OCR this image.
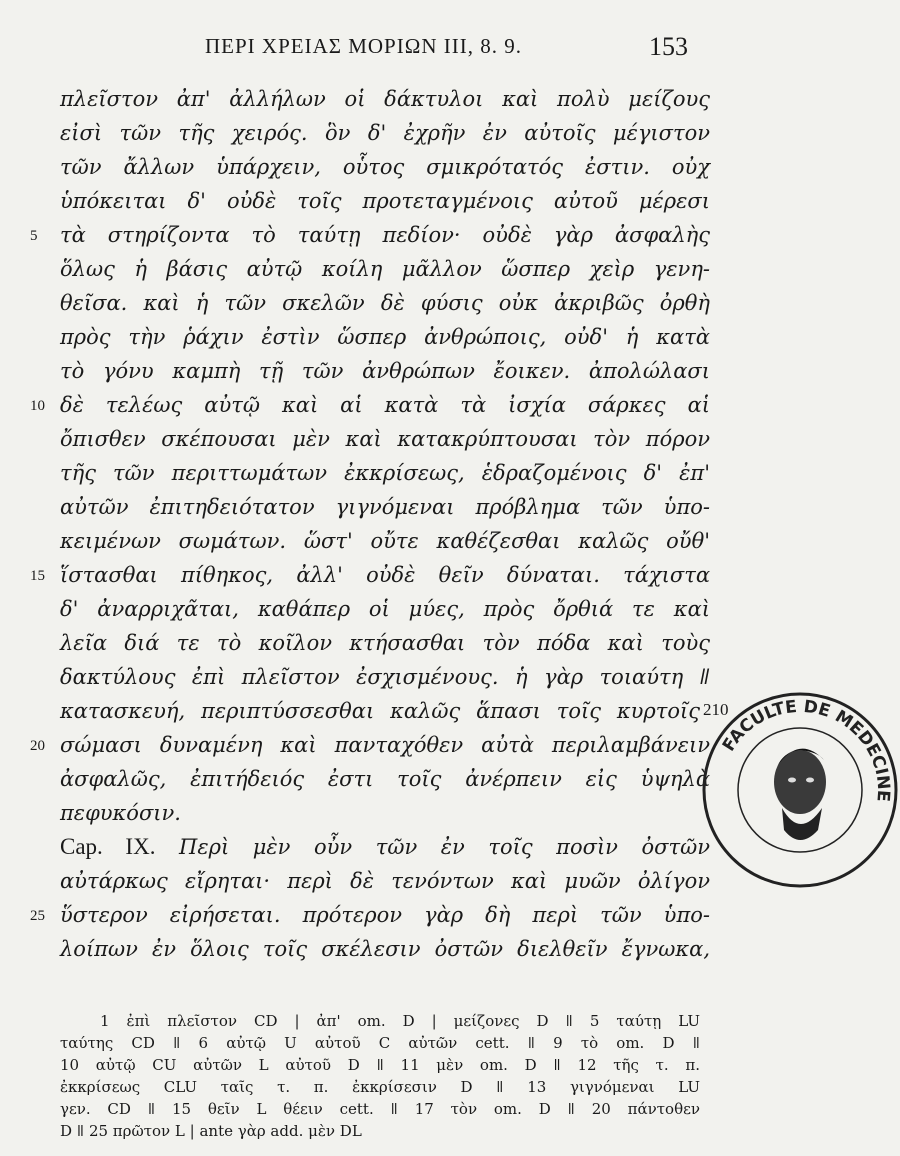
ΠΕΡΙ ΧΡΕΙΑΣ ΜΟΡΙΩΝ III, 8. 9.	153
πλεῖστον ἀπ' ἀλλήλων οἱ δάκτυλοι καὶ πολὺ μείζους
εἰσὶ τῶν τῆς χειρός. ὃν δ' ἐχρῆν ἐν αὐτοῖς μέγιστον
τῶν ἄλλων ὑπάρχειν, οὗτος σμικρότατός ἐστιν. οὐχ
ὑπόκειται δ' οὐδὲ τοῖς προτεταγμένοις αὐτοῦ μέρεσι
5	τὰ στηρίζοντα τὸ ταύτῃ πεδίον· οὐδὲ γὰρ ἀσφαλὴς
ὅλως ἡ βάσις αὐτῷ κοίλη μᾶλλον ὥσπερ χεὶρ γενη-
θεῖσα. καὶ ἡ τῶν σκελῶν δὲ φύσις οὐκ ἀκριβῶς ὀρθὴ
πρὸς τὴν ῥάχιν ἐστὶν ὥσπερ ἀνθρώποις, οὐδ' ἡ κατὰ
τὸ γόνυ καμπὴ τῇ τῶν ἀνθρώπων ἔοικεν. ἀπολώλασι
10 δὲ τελέως αὐτῷ καὶ αἱ κατὰ τὰ ἰσχία σάρκες αἱ
ὄπισθεν σκέπουσαι μὲν καὶ κατακρύπτουσαι τὸν πόρον
τῆς τῶν περιττωμάτων ἐκκρίσεως, ἑδραζομένοις δ' ἐπ'
αὐτῶν ἐπιτηδειότατον γιγνόμεναι πρόβλημα τῶν ὑπο-
κειμένων σωμάτων. ὥστ' οὔτε καθέζεσθαι καλῶς οὔθ'
15 ἵστασθαι πίθηκος, ἀλλ' οὐδὲ θεῖν δύναται. τάχιστα
δ' ἀναρριχᾶται, καθάπερ οἱ μύες, πρὸς ὄρθιά τε καὶ
λεῖα διά τε τὸ κοῖλον κτήσασθαι τὸν πόδα καὶ τοὺς
δακτύλους ἐπὶ πλεῖστον ἐσχισμένους. ἡ γὰρ τοιαύτη ǁ
κατασκευή, περιπτύσσεσθαι καλῶς ἅπασι τοῖς κυρτοῖς 210
20 σώμασι δυναμένη καὶ πανταχόθεν αὐτὰ περιλαμβάνειν
ἀσφαλῶς, ἐπιτήδειός ἐστι τοῖς ἀνέρπειν εἰς ὑψηλὰ
πεφυκόσιν.
Cap. IX. Περὶ μὲν οὖν τῶν ἐν τοῖς ποσὶν ὀστῶν
αὐτάρκως εἴρηται· περὶ δὲ τενόντων καὶ μυῶν ὀλίγον
25 ὕστερον εἰρήσεται. πρότερον γὰρ δὴ περὶ τῶν ὑπο-
λοίπων ἐν ὅλοις τοῖς σκέλεσιν ὀστῶν διελθεῖν ἔγνωκα,
1 ἐπὶ πλεῖστον CD | ἀπ' om. D | μείζονες D ǁ 5 ταύτῃ LU
ταύτης CD ǁ 6 αὐτῷ U αὐτοῦ C αὐτῶν cett. ǁ 9 τὸ om. D ǁ
10 αὐτῷ CU αὐτῶν L αὐτοῦ D ǁ 11 μὲν om. D ǁ 12 τῆς τ. π.
ἐκκρίσεως CLU ταῖς τ. π. ἐκκρίσεσιν D ǁ 13 γιγνόμεναι LU
γεν. CD ǁ 15 θεῖν L θέειν cett. ǁ 17 τὸν om. D ǁ 20 πάντοθεν
D ǁ 25 πρῶτον L | ante γὰρ add. μὲν DL
FACULTE DE MEDECINE
